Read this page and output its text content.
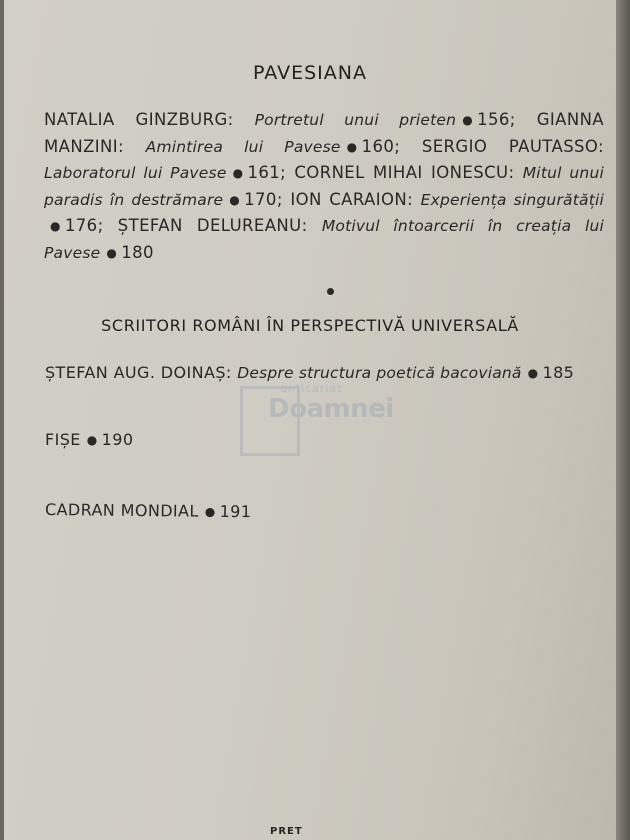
PAVESIANA
NATALIA GINZBURG: Portretul unui prieten ● 156; GIANNA MANZINI: Amintirea lui Pavese ● 160; SERGIO PAUTASSO: Laboratorul lui Pavese ● 161; CORNEL MIHAI IONESCU: Mitul unui paradis în destrămare ● 170; ION CARAION: Experiența singurătății● 176; ȘTEFAN DELUREANU: Motivul întoarcerii în creația lui Pavese ● 180
SCRIITORI ROMÂNI ÎN PERSPECTIVĂ UNIVERSALĂ
ȘTEFAN AUG. DOINAȘ: Despre structura poetică bacoviană ● 185
FIȘE ● 190
CADRAN MONDIAL ● 191
anticariat
Doamnei
PRET
